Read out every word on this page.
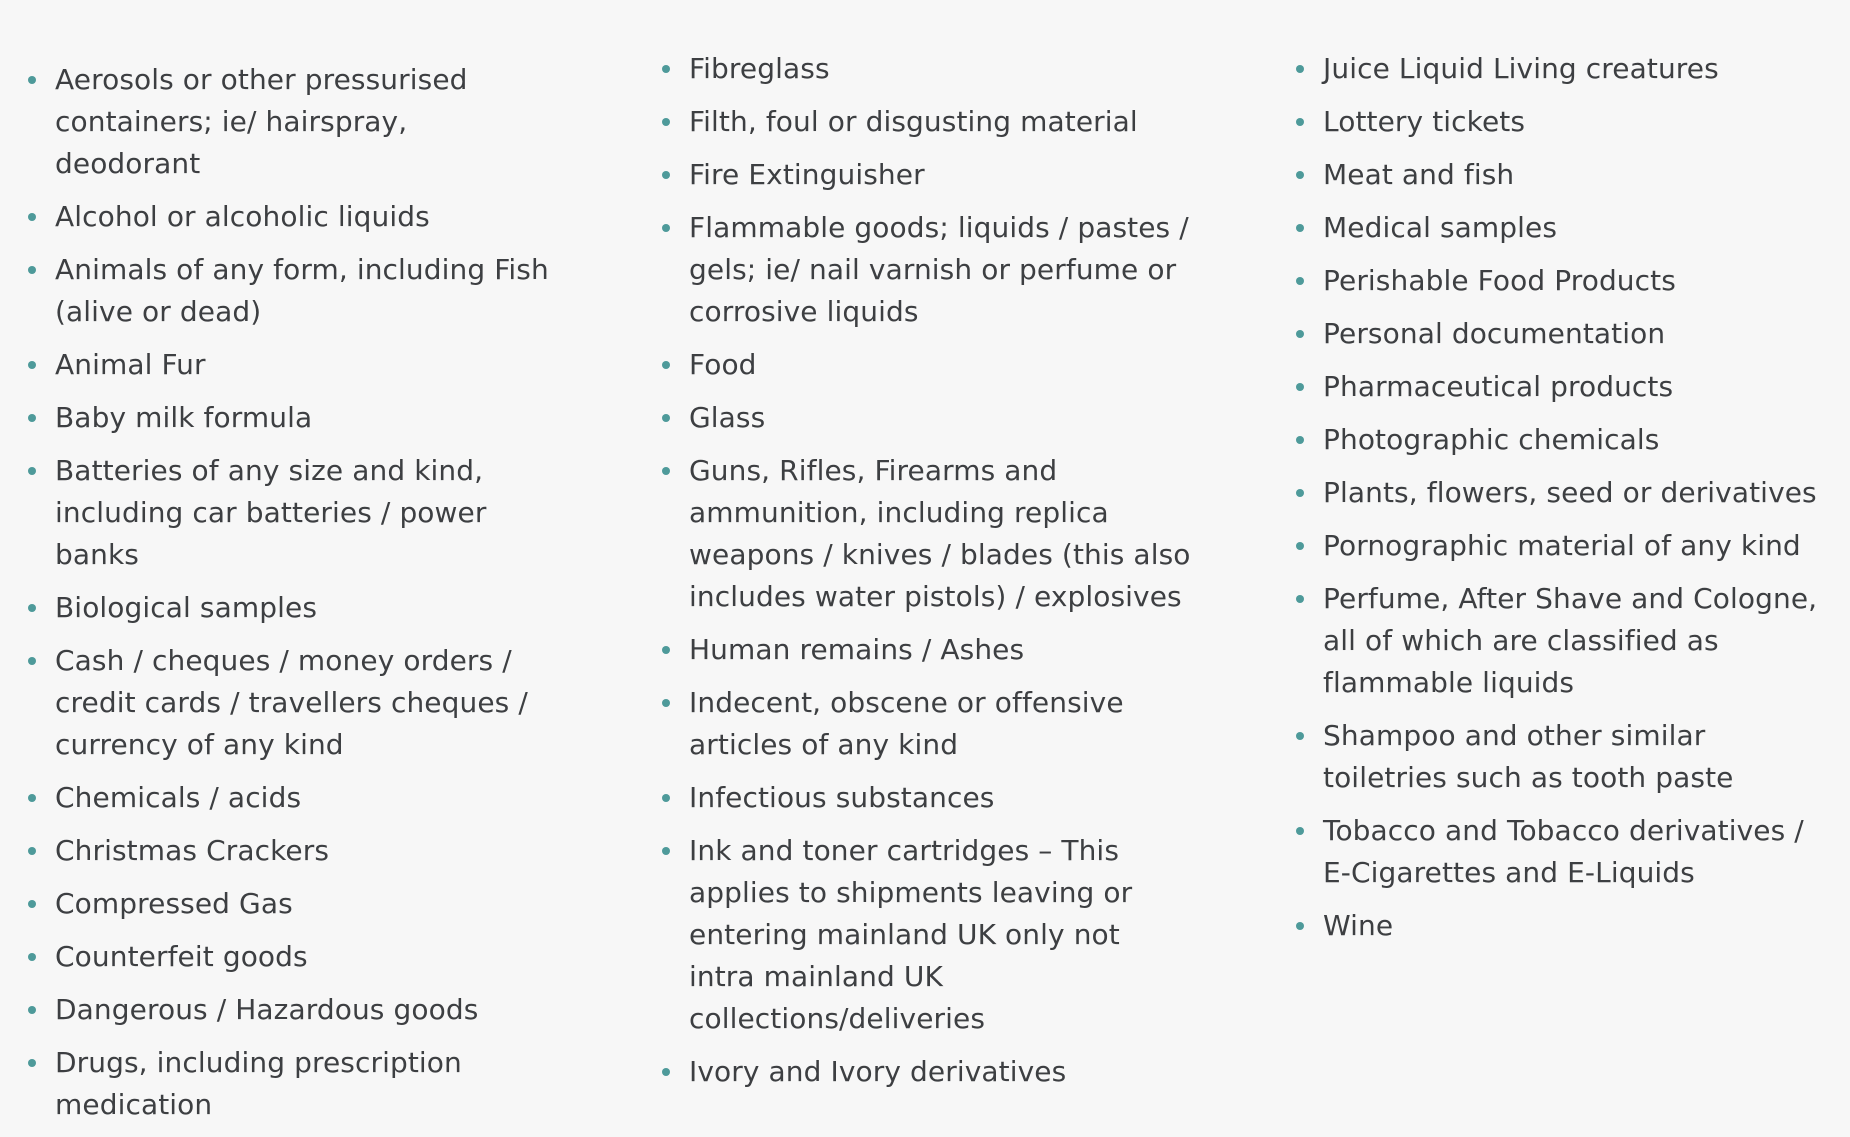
Aerosols or other pressurised containers; ie/ hairspray, deodorant
Alcohol or alcoholic liquids
Animals of any form, including Fish (alive or dead)
Animal Fur
Baby milk formula
Batteries of any size and kind, including car batteries / power banks
Biological samples
Cash / cheques / money orders / credit cards / travellers cheques / currency of any kind
Chemicals / acids
Christmas Crackers
Compressed Gas
Counterfeit goods
Dangerous / Hazardous goods
Drugs, including prescription medication
Fibreglass
Filth, foul or disgusting material
Fire Extinguisher
Flammable goods; liquids / pastes / gels; ie/ nail varnish or perfume or corrosive liquids
Food
Glass
Guns, Rifles, Firearms and ammunition, including replica weapons / knives / blades (this also includes water pistols) / explosives
Human remains / Ashes
Indecent, obscene or offensive articles of any kind
Infectious substances
Ink and toner cartridges – This applies to shipments leaving or entering mainland UK only not intra mainland UK collections/deliveries
Ivory and Ivory derivatives
Juice Liquid Living creatures
Lottery tickets
Meat and fish
Medical samples
Perishable Food Products
Personal documentation
Pharmaceutical products
Photographic chemicals
Plants, flowers, seed or derivatives
Pornographic material of any kind
Perfume, After Shave and Cologne, all of which are classified as flammable liquids
Shampoo and other similar toiletries such as tooth paste
Tobacco and Tobacco derivatives / E-Cigarettes and E-Liquids
Wine
